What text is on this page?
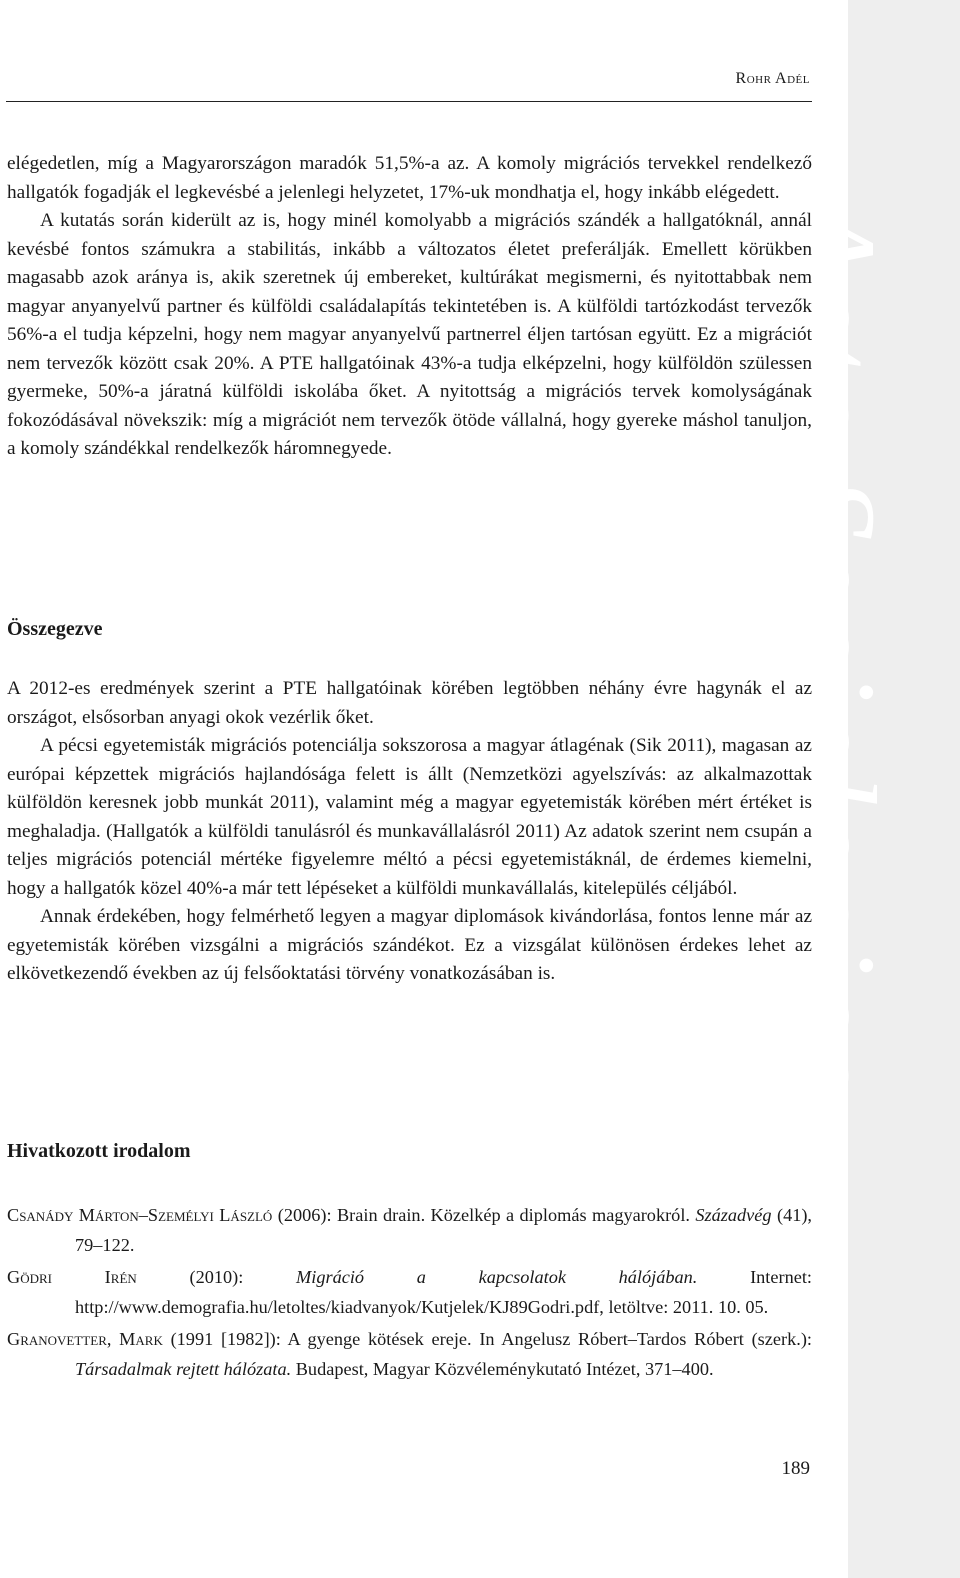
Acta Sociologica
Rohr Adél

elégedetlen, míg a Magyarországon maradók 51,5%-a az. A komoly migrációs tervekkel rendelkező hallgatók fogadják el legkevésbé a jelenlegi helyzetet, 17%-uk mondhatja el, hogy inkább elégedett.

A kutatás során kiderült az is, hogy minél komolyabb a migrációs szándék a hallgatóknál, annál kevésbé fontos számukra a stabilitás, inkább a változatos életet preferálják. Emellett körükben magasabb azok aránya is, akik szeretnek új embereket, kultúrákat megismerni, és nyitottabbak nem magyar anyanyelvű partner és külföldi családalapítás tekintetében is. A külföldi tartózkodást tervezők 56%-a el tudja képzelni, hogy nem magyar anyanyelvű partnerrel éljen tartósan együtt. Ez a migrációt nem tervezők között csak 20%. A PTE hallgatóinak 43%-a tudja elképzelni, hogy külföldön szülessen gyermeke, 50%-a járatná külföldi iskolába őket. A nyitottság a migrációs tervek komolyságának fokozódásával növekszik: míg a migrációt nem tervezők ötöde vállalná, hogy gyereke máshol tanuljon, a komoly szándékkal rendelkezők háromnegyede.

Összegezve

A 2012-es eredmények szerint a PTE hallgatóinak körében legtöbben néhány évre hagynák el az országot, elsősorban anyagi okok vezérlik őket.

A pécsi egyetemisták migrációs potenciálja sokszorosa a magyar átlagénak (Sik 2011), magasan az európai képzettek migrációs hajlandósága felett is állt (Nemzetközi agyelszívás: az alkalmazottak külföldön keresnek jobb munkát 2011), valamint még a magyar egyetemisták körében mért értéket is meghaladja. (Hallgatók a külföldi tanulásról és munkavállalásról 2011) Az adatok szerint nem csupán a teljes migrációs potenciál mértéke figyelemre méltó a pécsi egyetemistáknál, de érdemes kiemelni, hogy a hallgatók közel 40%-a már tett lépéseket a külföldi munkavállalás, kitelepülés céljából.

Annak érdekében, hogy felmérhető legyen a magyar diplomások kivándorlása, fontos lenne már az egyetemisták körében vizsgálni a migrációs szándékot. Ez a vizsgálat különösen érdekes lehet az elkövetkezendő években az új felsőoktatási törvény vonatkozásában is.

Hivatkozott irodalom

Csanády Márton–Személyi László (2006): Brain drain. Közelkép a diplomás magyarokról. Századvég (41), 79–122.

Gödri Irén (2010): Migráció a kapcsolatok hálójában. Internet: http://www.demografia.hu/letoltes/kiadvanyok/Kutjelek/KJ89Godri.pdf, letöltve: 2011. 10. 05.

Granovetter, Mark (1991 [1982]): A gyenge kötések ereje. In Angelusz Róbert–Tardos Róbert (szerk.): Társadalmak rejtett hálózata. Budapest, Magyar Közvéleménykutató Intézet, 371–400.

189
